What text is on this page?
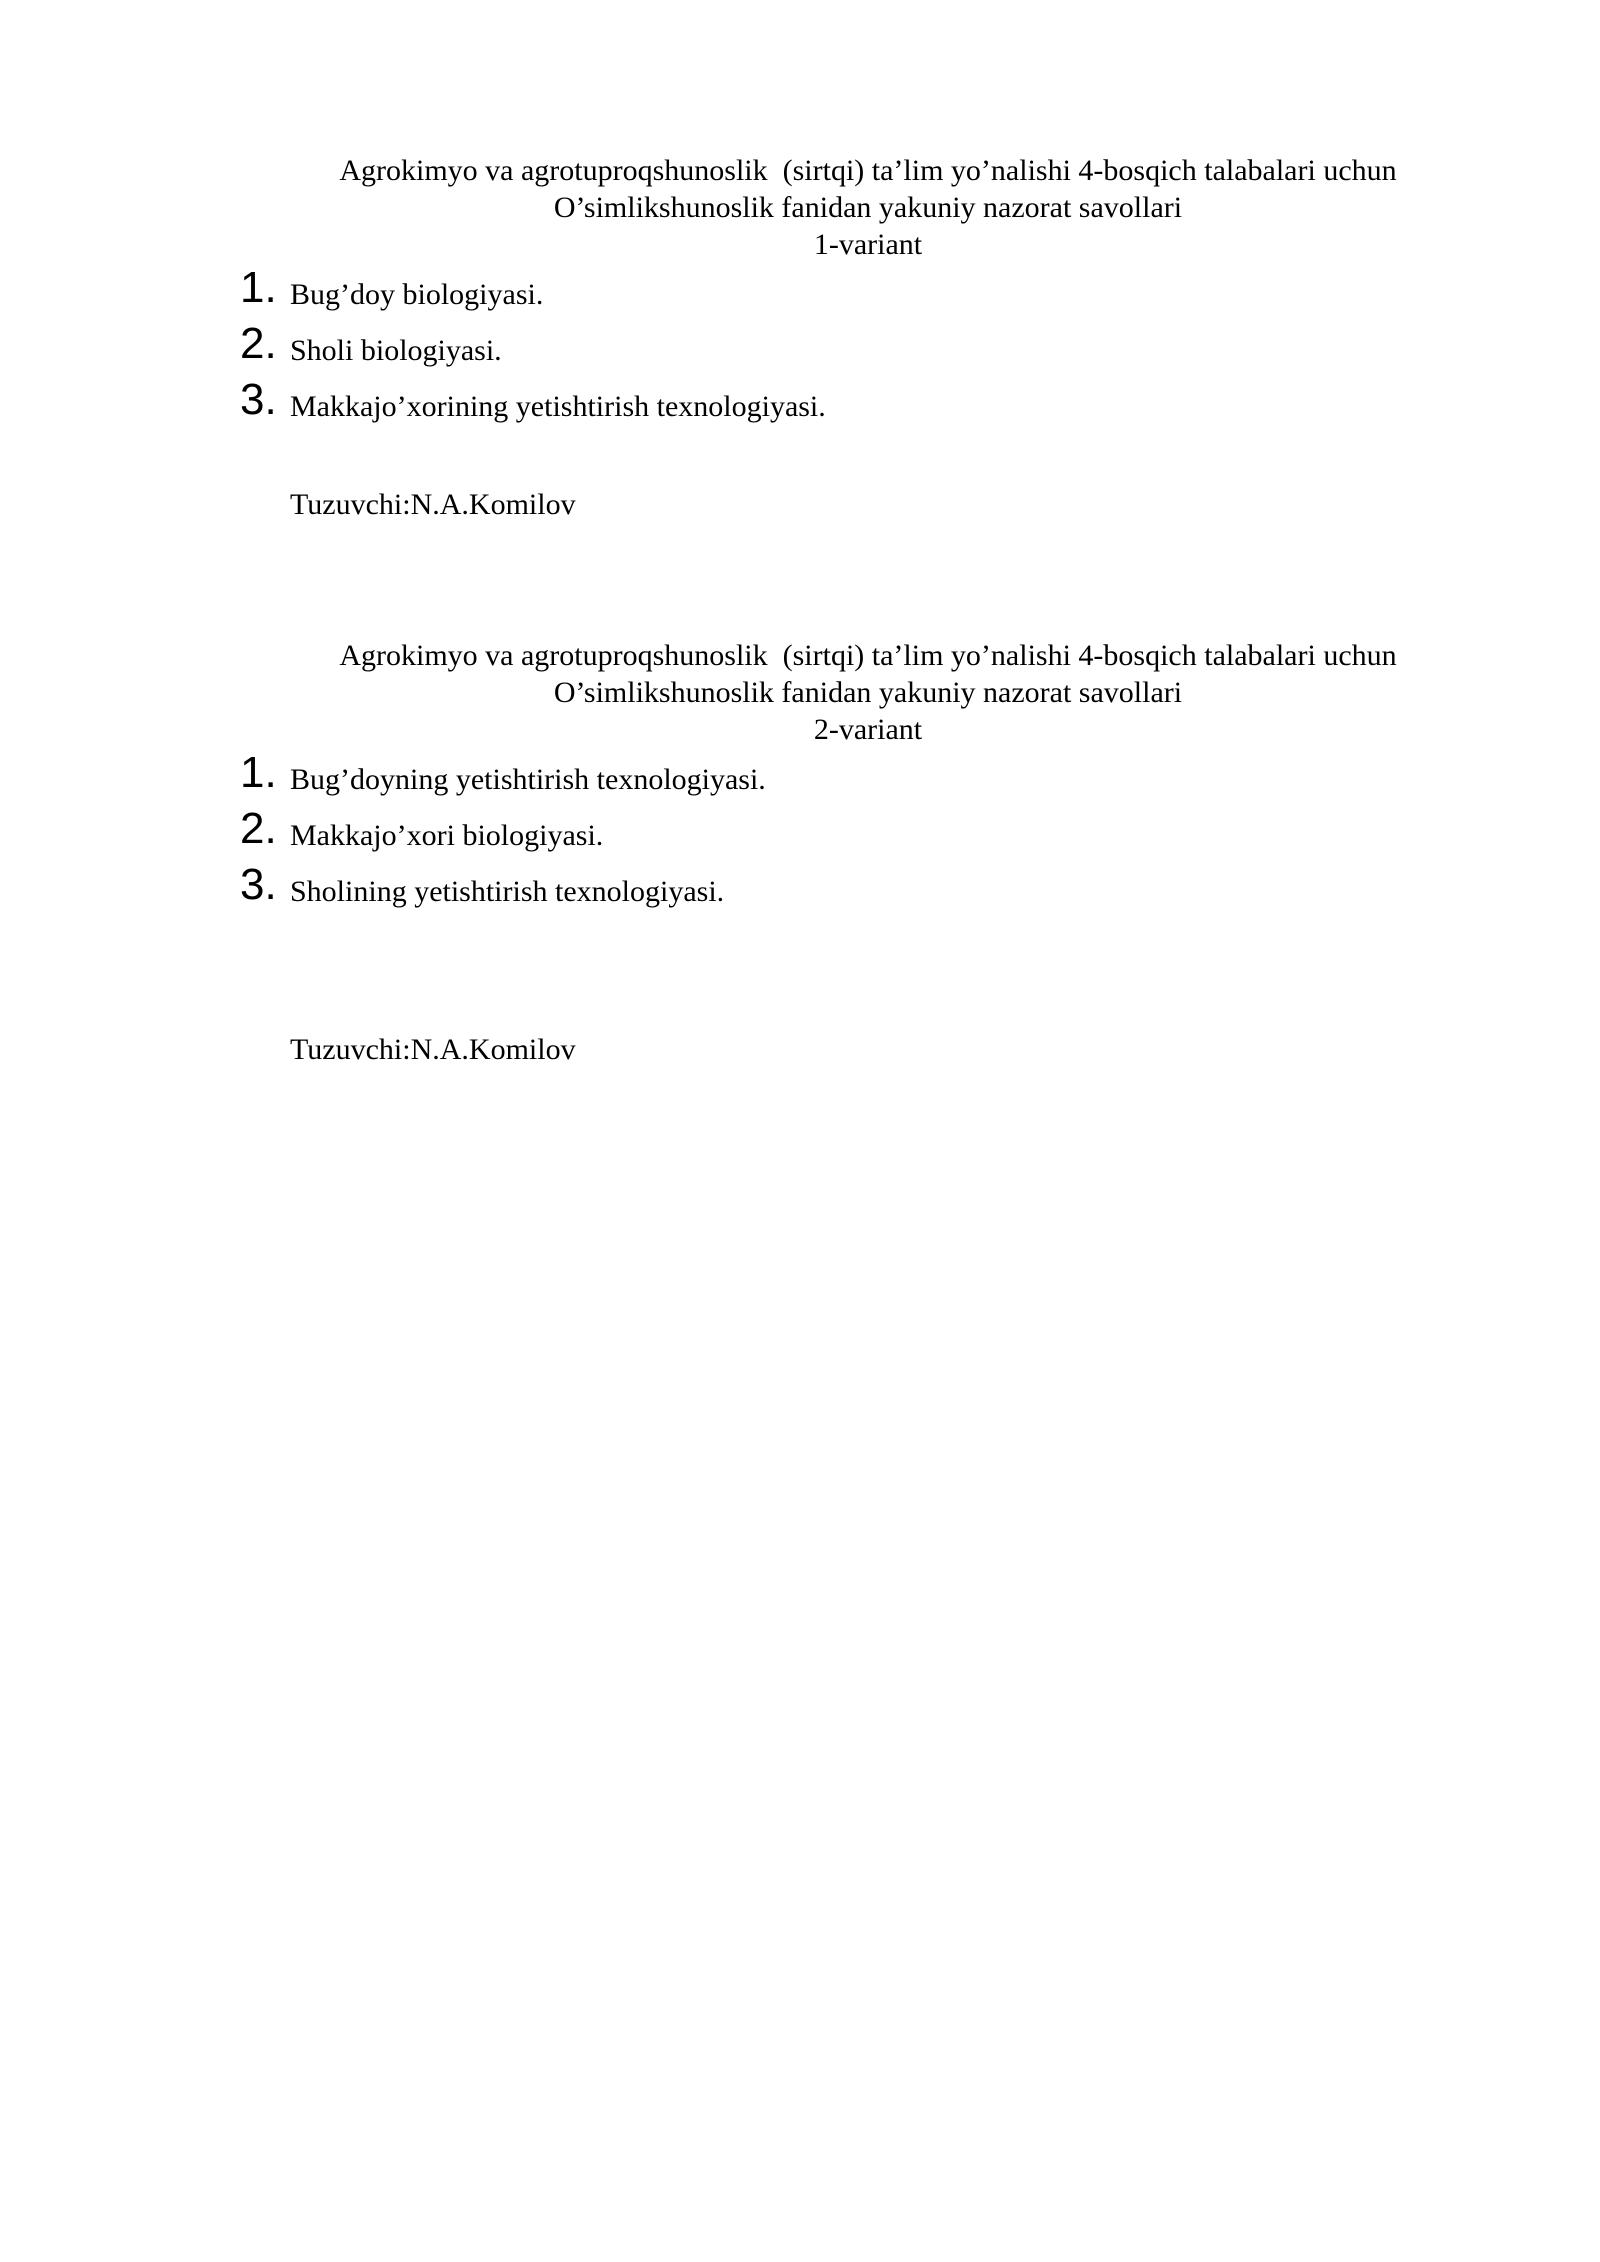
Agrokimyo va agrotuproqshunoslik  (sirtqi) ta’lim yo’nalishi 4-bosqich talabalari uchun
O’simlikshunoslik fanidan yakuniy nazorat savollari
1-variant
1. Bug’doy biologiyasi.
2. Sholi biologiyasi.
3. Makkajo’xorining yetishtirish texnologiyasi.
Tuzuvchi:N.A.Komilov
Agrokimyo va agrotuproqshunoslik  (sirtqi) ta’lim yo’nalishi 4-bosqich talabalari uchun
O’simlikshunoslik fanidan yakuniy nazorat savollari
2-variant
1. Bug’doyning yetishtirish texnologiyasi.
2. Makkajo’xori biologiyasi.
3. Sholining yetishtirish texnologiyasi.
Tuzuvchi:N.A.Komilov
